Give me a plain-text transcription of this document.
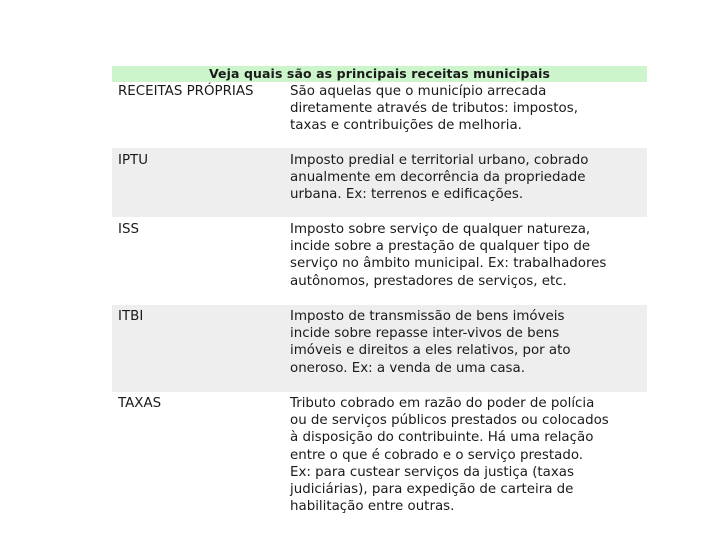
Veja quais são as principais receitas municipais
RECEITAS PRÓPRIAS	São aquelas que o município arrecada
diretamente através de tributos: impostos,
taxas e contribuições de melhoria.
IPTU	Imposto predial e territorial urbano, cobrado
anualmente em decorrência da propriedade
urbana. Ex: terrenos e edificações.
ISS	Imposto sobre serviço de qualquer natureza,
incide sobre a prestação de qualquer tipo de
serviço no âmbito municipal. Ex: trabalhadores
autônomos, prestadores de serviços, etc.
ITBI	Imposto de transmissão de bens imóveis
incide sobre repasse inter-vivos de bens
imóveis e direitos a eles relativos, por ato
oneroso. Ex: a venda de uma casa.
TAXAS	Tributo cobrado em razão do poder de polícia
ou de serviços públicos prestados ou colocados
à disposição do contribuinte. Há uma relação
entre o que é cobrado e o serviço prestado.
Ex: para custear serviços da justiça (taxas
judiciárias), para expedição de carteira de
habilitação entre outras.
